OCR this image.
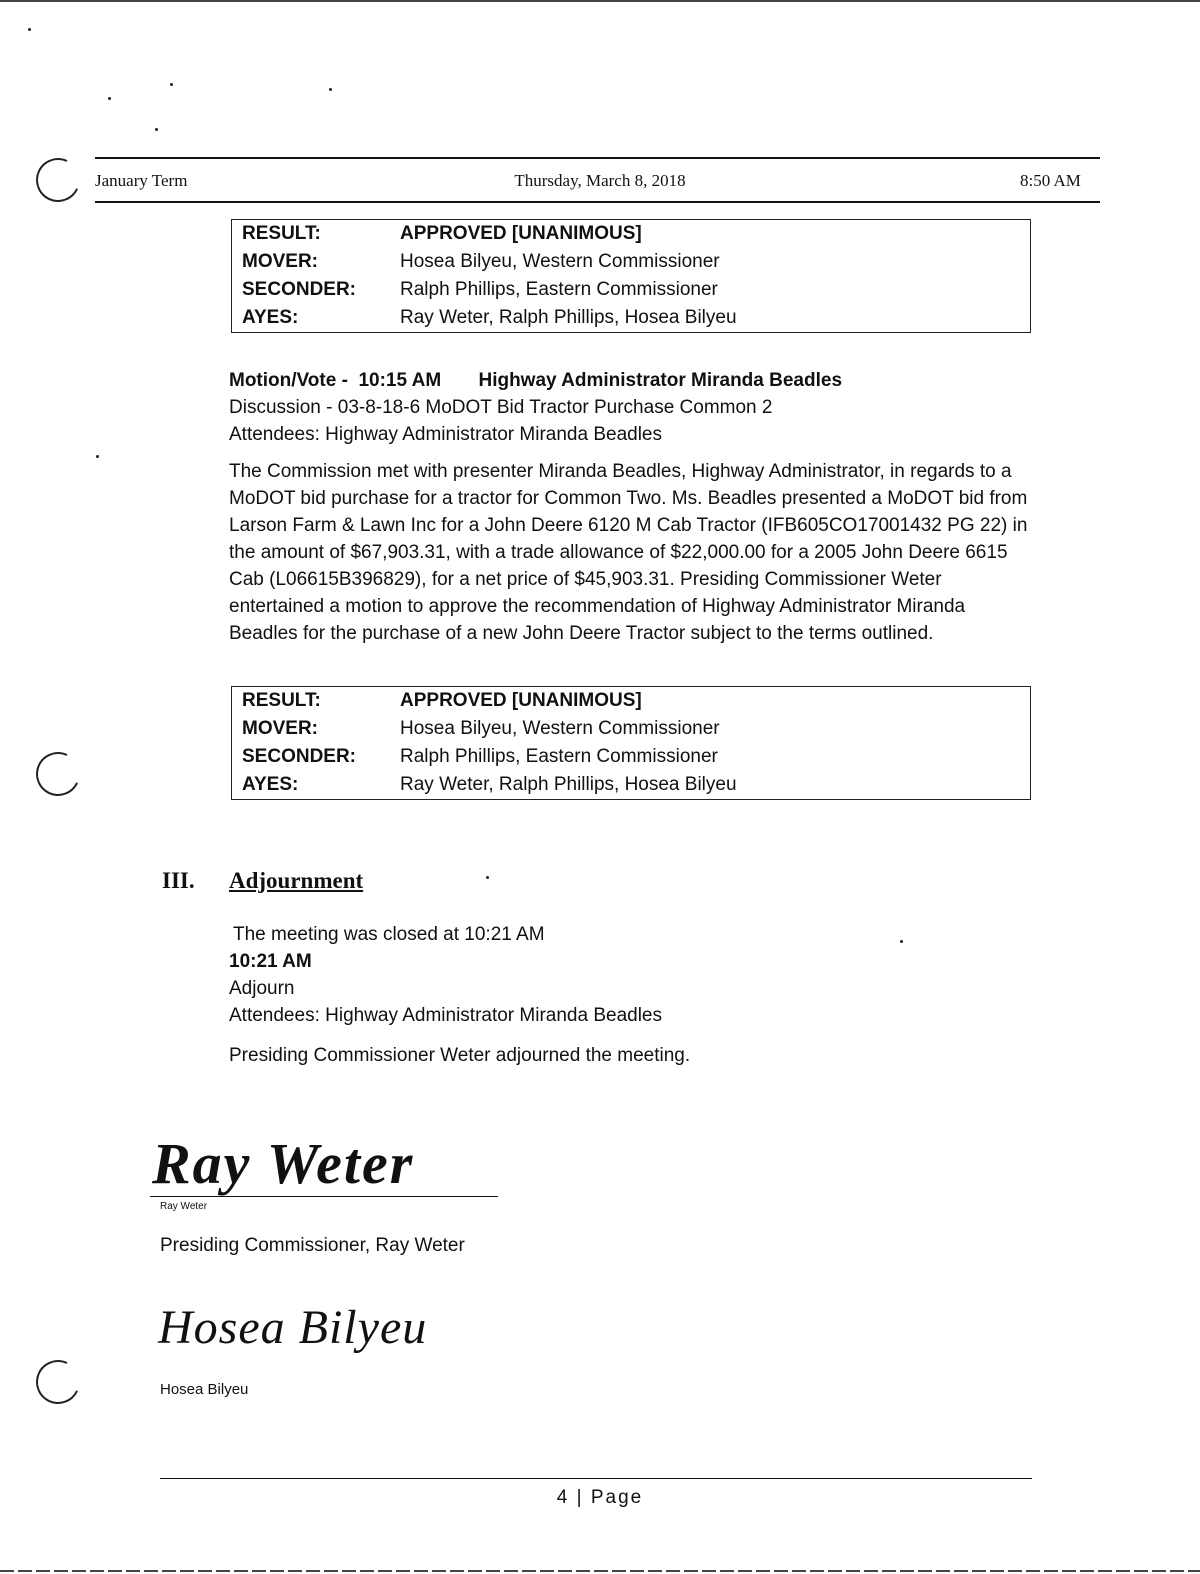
January Term	Thursday, March 8, 2018	8:50 AM
RESULT:	APPROVED [UNANIMOUS]
MOVER:	Hosea Bilyeu, Western Commissioner
SECONDER:	Ralph Phillips, Eastern Commissioner
AYES:	Ray Weter, Ralph Phillips, Hosea Bilyeu
Motion/Vote - 10:15 AM Highway Administrator Miranda Beadles
Discussion - 03-8-18-6 MoDOT Bid Tractor Purchase Common 2
Attendees: Highway Administrator Miranda Beadles
The Commission met with presenter Miranda Beadles, Highway Administrator, in regards to a MoDOT bid purchase for a tractor for Common Two. Ms. Beadles presented a MoDOT bid from Larson Farm & Lawn Inc for a John Deere 6120 M Cab Tractor (IFB605CO17001432 PG 22) in the amount of $67,903.31, with a trade allowance of $22,000.00 for a 2005 John Deere 6615 Cab (L06615B396829), for a net price of $45,903.31. Presiding Commissioner Weter entertained a motion to approve the recommendation of Highway Administrator Miranda Beadles for the purchase of a new John Deere Tractor subject to the terms outlined.
RESULT:	APPROVED [UNANIMOUS]
MOVER:	Hosea Bilyeu, Western Commissioner
SECONDER:	Ralph Phillips, Eastern Commissioner
AYES:	Ray Weter, Ralph Phillips, Hosea Bilyeu
III. Adjournment
The meeting was closed at 10:21 AM
10:21 AM
Adjourn
Attendees: Highway Administrator Miranda Beadles
Presiding Commissioner Weter adjourned the meeting.
Ray Weter
Ray Weter
Presiding Commissioner, Ray Weter
Hosea Bilyeu
Hosea Bilyeu
4 | Page
